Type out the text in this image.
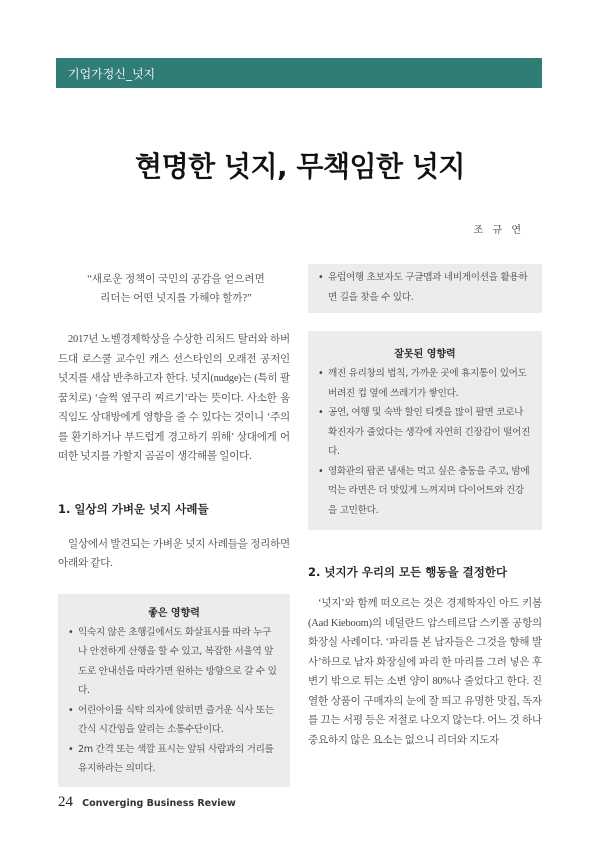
기업가정신_넛지
현명한 넛지, 무책임한 넛지
조 규 연
“새로운 정책이 국민의 공감을 얻으려면
리더는 어떤 넛지를 가해야 할까?”

2017년 노벨경제학상을 수상한 리처드 탈러와 하버드대 로스쿨 교수인 캐스 선스타인의 오래전 공저인 넛지를 새삼 반추하고자 한다. 넛지(nudge)는 (특히 팔꿈치로) ‘슬쩍 옆구리 찌르기’라는 뜻이다. 사소한 움직임도 상대방에게 영향을 줄 수 있다는 것이니 ‘주의를 환기하거나 부드럽게 경고하기 위해’ 상대에게 어떠한 넛지를 가할지 곰곰이 생각해볼 일이다.

1. 일상의 가벼운 넛지 사례들

일상에서 발견되는 가벼운 넛지 사례들을 정리하면 아래와 같다.

좋은 영향력
• 익숙지 않은 초행길에서도 화살표시를 따라 누구나 안전하게 산행을 할 수 있고, 복잡한 서울역 앞도로 안내선을 따라가면 원하는 방향으로 갈 수 있다.
• 어린아이를 식탁 의자에 앉히면 즐거운 식사 또는 간식 시간임을 알리는 소통수단이다.
• 2m 간격 또는 색깔 표시는 앞뒤 사람과의 거리를 유지하라는 의미다.
• 유럽여행 초보자도 구글맵과 네비게이션을 활용하면 길을 찾을 수 있다.
잘못된 영향력
• 깨진 유리창의 법칙, 가까운 곳에 휴지통이 있어도 버려진 컵 옆에 쓰레기가 쌓인다.
• 공연, 여행 및 숙박 할인 티켓을 많이 팔면 코로나 확진자가 줄었다는 생각에 자연히 긴장감이 떨어진다.
• 영화관의 팝콘 냄새는 먹고 싶은 충동을 주고, 밤에 먹는 라면은 더 맛있게 느껴지며 다이어트와 건강을 고민한다.
2. 넛지가 우리의 모든 행동을 결정한다

‘넛지’와 함께 떠오르는 것은 경제학자인 아드 키봄(Aad Kieboom)의 네덜란드 암스테르담 스키폴 공항의 화장실 사례이다. ‘파리를 본 남자들은 그것을 향해 발사’하므로 남자 화장실에 파리 한 마리를 그려 넣은 후 변기 밖으로 튀는 소변 양이 80%나 줄었다고 한다. 진열한 상품이 구매자의 눈에 잘 띄고 유명한 맛집, 독자를 끄는 서평 등은 저절로 나오지 않는다. 어느 것 하나 중요하지 않은 요소는 없으니 리더와 지도자

24 Converging Business Review
